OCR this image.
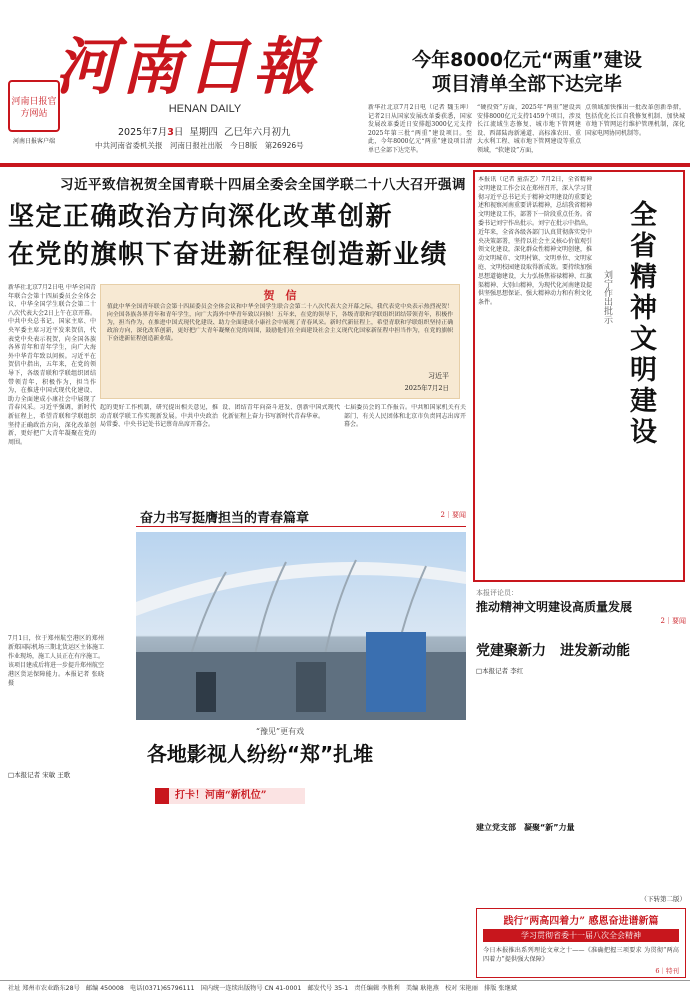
河南日報
河南日报官方网站	HENAN DAILY
2025年7月3日 星期四 乙巳年六月初九
中共河南省委机关报　河南日报社出版　今日8版　第26926号
河南日报客户端
今年8000亿元“两重”建设
项目清单全部下达完毕
新华社北京7月2日电（记者 魏玉坤）记者2日从国家发展改革委获悉，国家发展改革委近日安排超3000亿元支持2025年第三批“两重”建设项目。至此，今年8000亿元“两重”建设项目清单已全部下达完毕。
“硬投资”方面，2025年“两重”建设共安排8000亿元支持1459个项目，涉及长江流域生态修复、城市地下管网建设、西部陆海新通道、高标准农田、重大水利工程、城市地下管网建设等重点领域，“软建设”方面，
点领域加快推出一批改革创新举措，包括优化长江自我修复机制、加快城市地下管网运行维护管理机制，深化国家电网协同机制等。
习近平致信祝贺全国青联十四届全委会全国学联二十八大召开强调
坚定正确政治方向深化改革创新
在党的旗帜下奋进新征程创造新业绩
新华社北京7月2日电 中华全国青年联合会第十四届委员会全体会议、中华全国学生联合会第二十八次代表大会2日上午在京开幕。中共中央总书记、国家主席、中央军委主席习近平发来贺信，代表党中央表示祝贺，向全国各族各界青年和青年学生，向广大海外中华青年致以问候。习近平在贺信中指出，五年来，在党的领导下，各级青联和学联组织团结带领青年，积极作为，担当作为，在推进中国式现代化建设、助力全面建成小康社会中展现了青春风采。习近平强调，新时代新征程上，希望青联和学联组织坚持正确政治方向，深化改革创新，更好把广大青年凝聚在党的周围。
贺　信
值此中华全国青年联合会第十四届委员会全体会议和中华全国学生联合会第二十八次代表大会开幕之际，我代表党中央表示热烈祝贺！向全国各族各界青年和青年学生，向广大海外中华青年致以问候！五年来，在党的领导下，各级青联和学联组织团结带领青年，积极作为，担当作为，在推进中国式现代化建设、助力全面建成小康社会中展现了青春风采。新时代新征程上，希望青联和学联组织坚持正确政治方向，深化改革创新，更好把广大青年凝聚在党的周围，鼓励他们在全面建设社会主义现代化国家新征程中担当作为，在党的旗帜下奋进新征程创造新业绩。
习近平
2025年7月2日
起的更好工作机制，研究提出相关意见，推动青联学联工作实现新发展。中共中央政治局常委、中央书记处书记蔡奇出席开幕会。
设、团结青年向奋斗进发、创新中国式现代化新征程上奋力书写新时代青春华章。
七届委员会的工作报告。中共和国家机关有关部门、有关人民团体和北京市负责同志出席开幕会。
奋力书写挺膺担当的青春篇章	2｜要闻
7月1日，位于郑州航空港区的郑州新郑国际机场三期北货运区主体施工作业现场，施工人员正在有序施工。该项目建成后将进一步提升郑州航空港区货运保障能力。本报记者 张晓 摄
“豫见”更有戏
各地影视人纷纷“郑”扎堆
□本报记者 宋敏 王歌
打卡！河南“新机位”
全省精神文明建设
刘宁作出批示
本报讯（记者 童浩艺）7月2日，全省精神文明建设工作会议在郑州召开，深入学习贯彻习近平总书记关于精神文明建设的重要论述和视察河南重要讲话精神，总结我省精神文明建设工作，部署下一阶段重点任务。省委书记刘宁作出批示。刘宁在批示中指出，近年来，全省各级各部门认真贯彻落实党中央决策部署，坚持以社会主义核心价值观引领文化建设，深化群众性精神文明创建，推动文明城市、文明村镇、文明单位、文明家庭、文明校园建设取得新成效。要持续加强思想道德建设，大力弘扬焦裕禄精神、红旗渠精神、大别山精神，为现代化河南建设提供坚强思想保证、强大精神动力和有利文化条件。
本报评论员：
推动精神文明建设高质量发展
2｜要闻
党建聚新力　进发新动能
□本报记者 李红
建立党支部　凝聚“新”力量
（下转第二版）
践行“两高四着力” 感恩奋进谱新篇
学习贯彻省委十一届八次全会精神
今日本报推出系列理论文章之十——《准确把握三项要求 为贯彻“两高四着力”提供强大保障》
6｜特刊
社址 郑州市农业路东28号　邮编 450008　电话(0371)65796111　国内统一连续出版物号 CN 41-0001　邮发代号 35-1　责任编辑 李胜利　美编 耿艳燕　校对 宋艳丽　排版 张继斌
